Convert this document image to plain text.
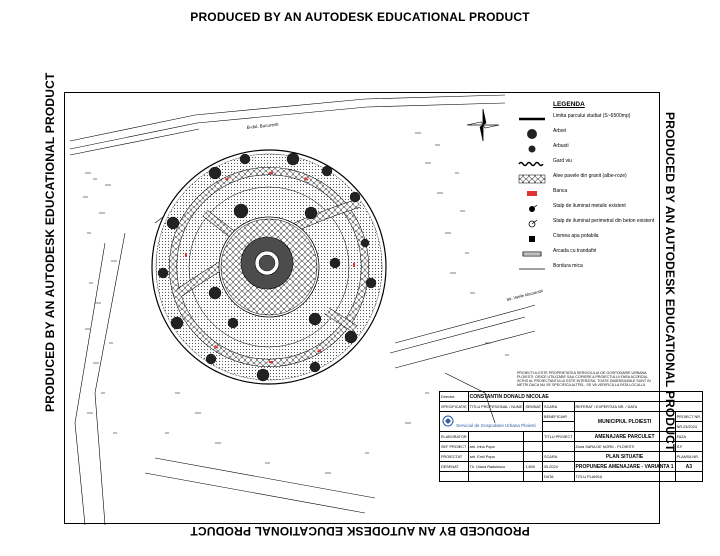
PRODUCED BY AN AUTODESK EDUCATIONAL PRODUCT
PRODUCED BY AN AUTODESK EDUCATIONAL PRODUCT
PRODUCED BY AN AUTODESK EDUCATIONAL PRODUCT	PRODUCED BY AN AUTODESK EDUCATIONAL PRODUCT
B-dul. Bucuresti
Str. Vasile Alecsandri
LEGENDA
Limita parcului studiat (S~6500mp)
Arbori
Arbusti
Gard viu
Alee pavele din granit (albe-roze)
Banca
Stalp de iluminat metalic existent
Stalp de iluminat perimetral din beton existent
Cismea apa potabila
Arcada cu trandafiri
Bordura mica
PROIECTUL ESTE PROPRIETATEA SERVICIULUI DE GOSPODARIE URBANA PLOIESTI. ORICE UTILIZARE SAU COPIERE A PROIECTULUI FARA ACORDUL SCRIS AL PROIECTANTULUI ESTE INTERZISA. TOATE DIMENSIUNILE SUNT IN METRI DACA NU SE SPECIFICA ALTFEL. SE VA VERIFICA LA FATA LOCULUI.
Director:	CONSTANTIN DONALD NICOLAE				
SPECIFICATIE	TITLU PROFESIONAL / NUME	SEMNAT	SCARA	REFERAT / EXPERTIZA NR. / DATA	
Serviciul de Gospodarie Urbana Ploiesti			BENEFICIAR	MUNICIPIUL PLOIESTI	PROIECT NR.
					NR.23/2024
ELABORATOR			TITLU PROIECT	AMENAJARE PARCULET	FAZA
SEF PROIECT	arh. Irina Popa			Zona SARA DE NORD - PLOIESTI	S.F.
PROIECTAT	arh. Emil Popa		SCARA	PLAN SITUATIE	PLANSA NR.
DESENAT	Th. Diana Radulescu	1:500	05.2024	PROPUNERE AMENAJARE - VARIANTA 1	A3
			DATA	TITLU PLANSA	
